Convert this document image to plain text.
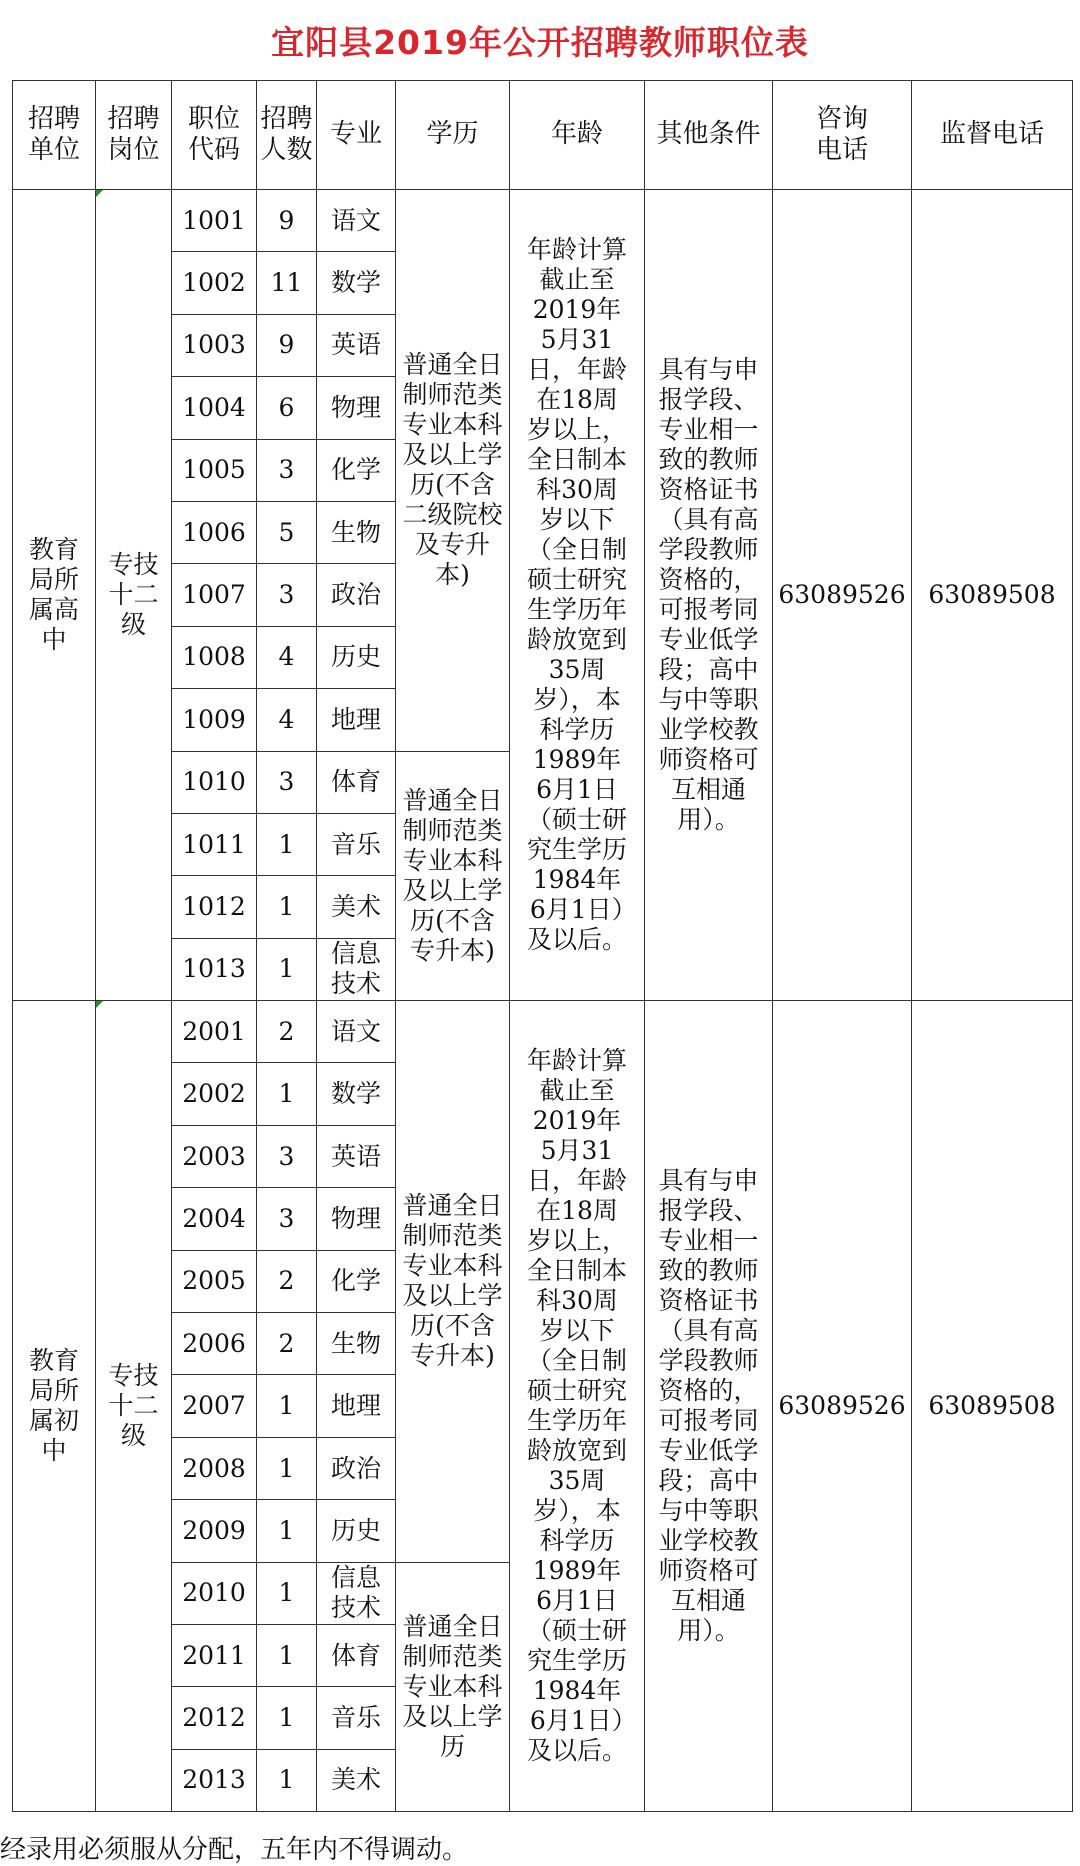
宜阳县2019年公开招聘教师职位表
招聘单位	招聘岗位	职位代码	招聘人数	专业	学历	年龄	其他条件	咨询电话	监督电话
教育局所属高中	专技十二级	1001	9	语文	普通全日制师范类专业本科及以上学历(不含二级院校及专升本)	年龄计算截止至2019年5月31日，年龄在18周岁以上，全日制本科30周岁以下（全日制硕士研究生学历年龄放宽到35周岁），本科学历1989年6月1日（硕士研究生学历1984年6月1日）及以后。	具有与申报学段、专业相一致的教师资格证书（具有高学段教师资格的，可报考同专业低学段；高中与中等职业学校教师资格可互相通用）。	63089526	63089508
		1002	11	数学					
		1003	9	英语					
		1004	6	物理					
		1005	3	化学					
		1006	5	生物					
		1007	3	政治					
		1008	4	历史					
		1009	4	地理					
		1010	3	体育	普通全日制师范类专业本科及以上学历(不含专升本)				
		1011	1	音乐					
		1012	1	美术					
		1013	1	信息技术					
教育局所属初中	专技十二级	2001	2	语文	普通全日制师范类专业本科及以上学历(不含专升本)	年龄计算截止至2019年5月31日，年龄在18周岁以上，全日制本科30周岁以下（全日制硕士研究生学历年龄放宽到35周岁），本科学历1989年6月1日（硕士研究生学历1984年6月1日）及以后。	具有与申报学段、专业相一致的教师资格证书（具有高学段教师资格的，可报考同专业低学段；高中与中等职业学校教师资格可互相通用）。	63089526	63089508
		2002	1	数学					
		2003	3	英语					
		2004	3	物理					
		2005	2	化学					
		2006	2	生物					
		2007	1	地理					
		2008	1	政治					
		2009	1	历史					
		2010	1	信息技术	普通全日制师范类专业本科及以上学历				
		2011	1	体育					
		2012	1	音乐					
		2013	1	美术					
经录用必须服从分配，五年内不得调动。
